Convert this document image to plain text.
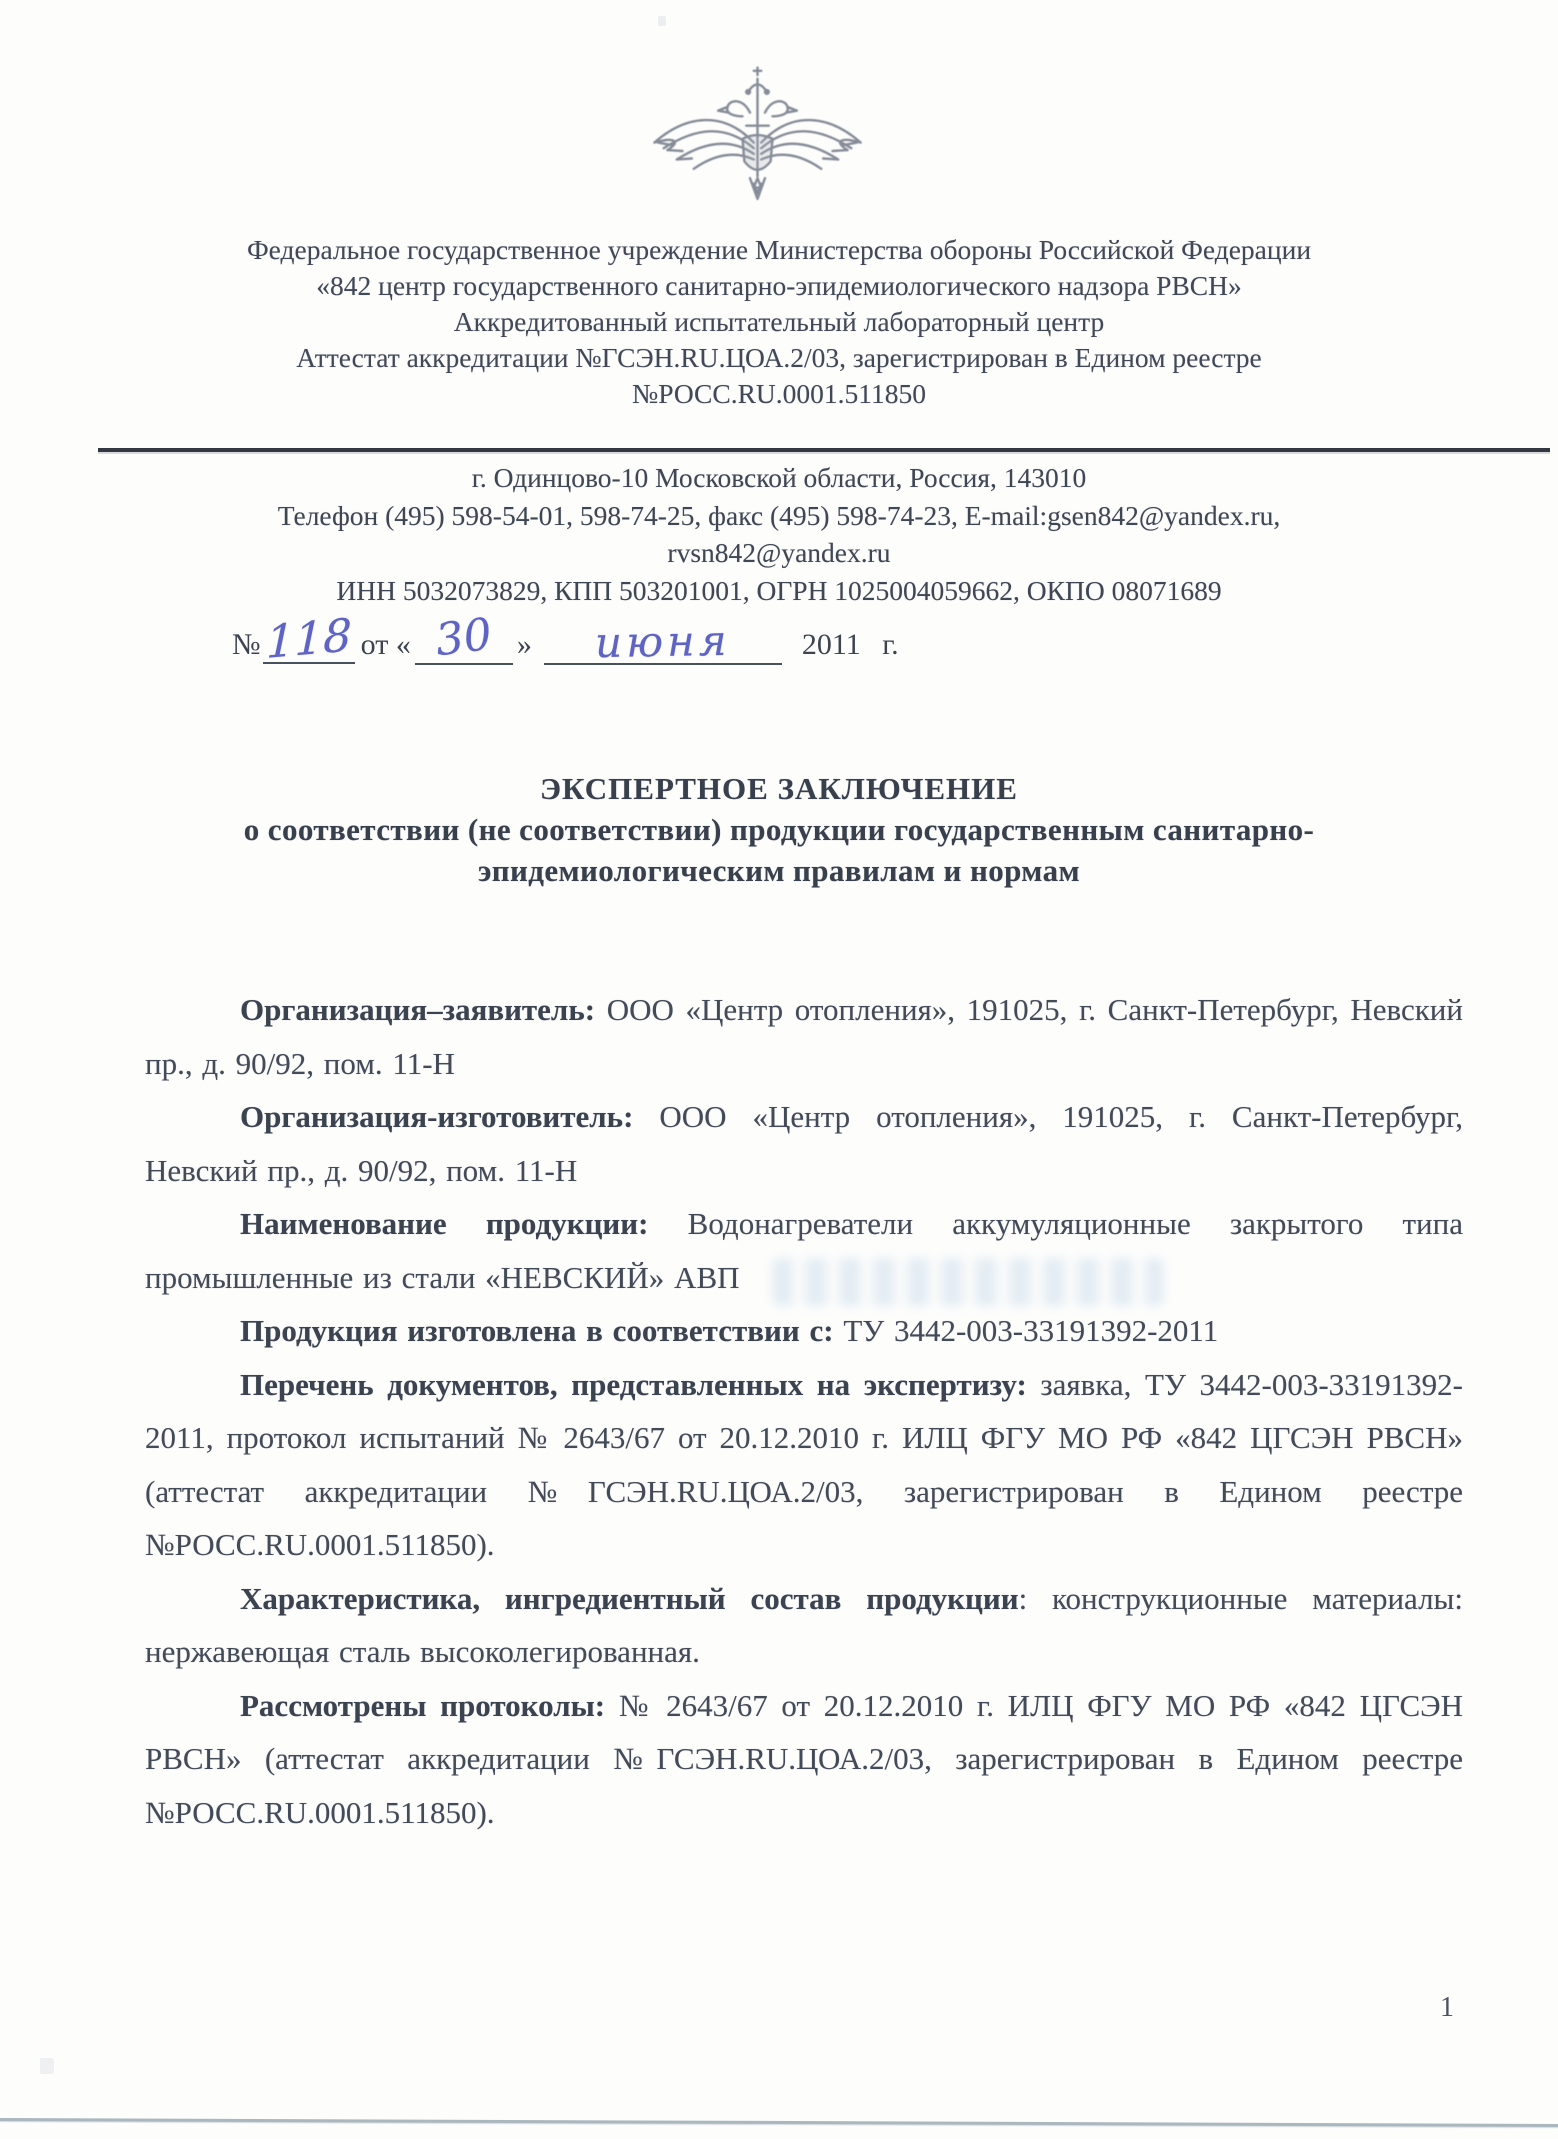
Федеральное государственное учреждение Министерства обороны Российской Федерации
«842 центр государственного санитарно-эпидемиологического надзора РВСН»
Аккредитованный испытательный лабораторный центр
Аттестат аккредитации №ГСЭН.RU.ЦОА.2/03, зарегистрирован в Едином реестре
№РОСС.RU.0001.511850
г. Одинцово-10 Московской области, Россия, 143010
Телефон (495) 598-54-01, 598-74-25, факс (495) 598-74-23, E-mail:gsen842@yandex.ru,
rvsn842@yandex.ru
ИНН 5032073829, КПП 503201001, ОГРН 1025004059662, ОКПО 08071689
№ 118 от « 30 » июня 2011 г.
ЭКСПЕРТНОЕ ЗАКЛЮЧЕНИЕ
о соответствии (не соответствии) продукции государственным санитарно-
эпидемиологическим правилам и нормам

Организация–заявитель: ООО «Центр отопления», 191025, г. Санкт-Петербург, Невский пр., д. 90/92, пом. 11-Н

Организация-изготовитель: ООО «Центр отопления», 191025, г. Санкт-Петербург, Невский пр., д. 90/92, пом. 11-Н

Наименование продукции: Водонагреватели аккумуляционные закрытого типа промышленные из стали «НЕВСКИЙ» АВП

Продукция изготовлена в соответствии с: ТУ 3442-003-33191392-2011

Перечень документов, представленных на экспертизу: заявка, ТУ 3442-003-33191392-2011, протокол испытаний № 2643/67 от 20.12.2010 г. ИЛЦ ФГУ МО РФ «842 ЦГСЭН РВСН» (аттестат аккредитации №ГСЭН.RU.ЦОА.2/03, зарегистрирован в Едином реестре №РОСС.RU.0001.511850).

Характеристика, ингредиентный состав продукции: конструкционные материалы: нержавеющая сталь высоколегированная.

Рассмотрены протоколы: № 2643/67 от 20.12.2010 г. ИЛЦ ФГУ МО РФ «842 ЦГСЭН РВСН» (аттестат аккредитации №ГСЭН.RU.ЦОА.2/03, зарегистрирован в Едином реестре №РОСС.RU.0001.511850).

1
